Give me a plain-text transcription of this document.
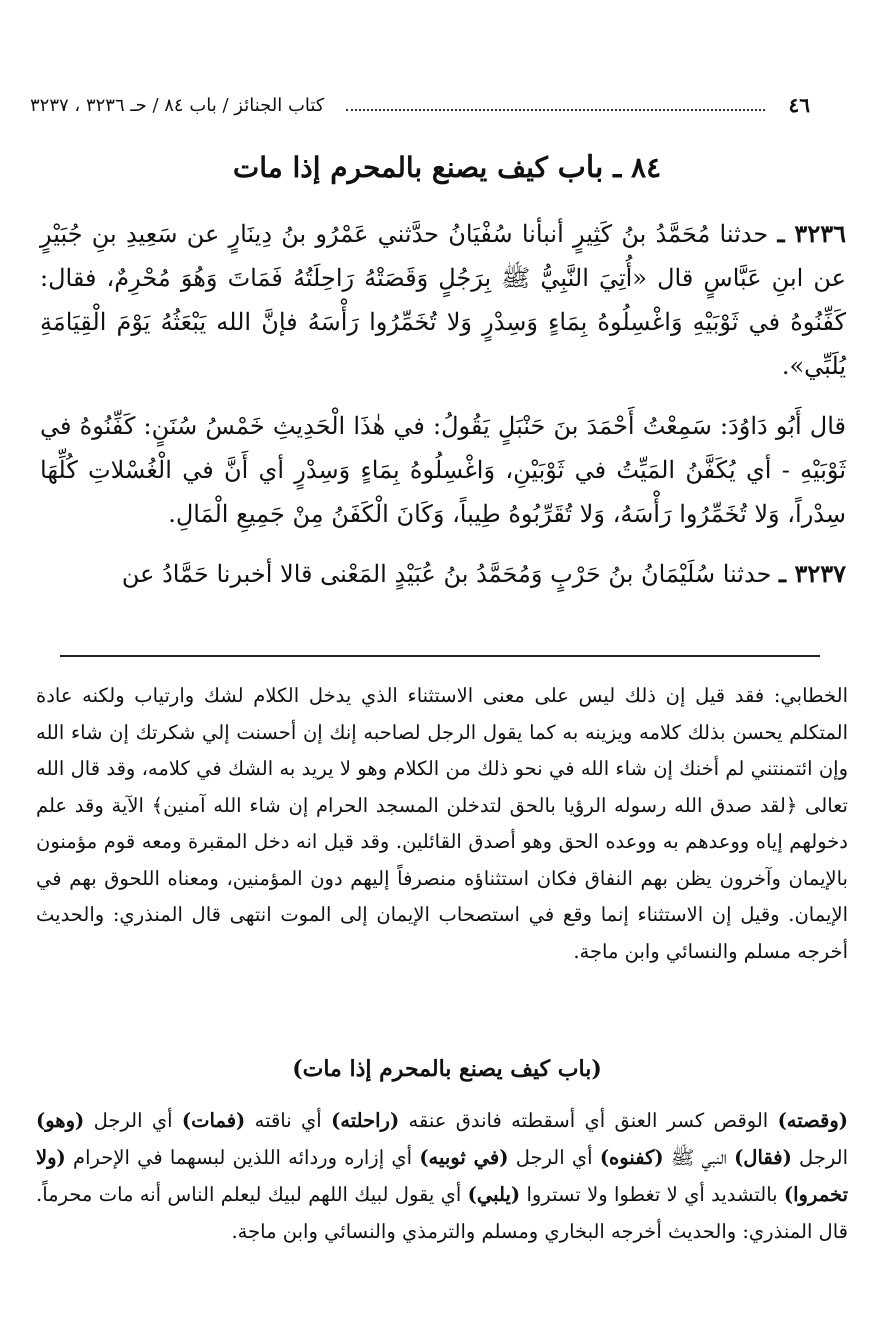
٤٦
كتاب الجنائز / باب ٨٤ / حـ ٣٢٣٦ ، ٣٢٣٧
٨٤ ـ باب كيف يصنع بالمحرم إذا مات

٣٢٣٦ ـ حدثنا مُحَمَّدُ بنُ كَثِيرٍ أنبأنا سُفْيَانُ حدَّثني عَمْرُو بنُ دِينَارٍ عن سَعِيدِ بنِ جُبَيْرٍ عن ابنِ عَبَّاسٍ قال «أُتِيَ النَّبِيُّ ﷺ بِرَجُلٍ وَقَصَتْهُ رَاحِلَتُهُ فَمَاتَ وَهُوَ مُحْرِمٌ، فقال: كَفِّنُوهُ في ثَوْبَيْهِ وَاغْسِلُوهُ بِمَاءٍ وَسِدْرٍ وَلا تُخَمِّرُوا رَأْسَهُ فإنَّ الله يَبْعَثُهُ يَوْمَ الْقِيَامَةِ يُلَبِّي».

قال أَبُو دَاوُدَ: سَمِعْتُ أَحْمَدَ بنَ حَنْبَلٍ يَقُولُ: في هٰذَا الْحَدِيثِ خَمْسُ سُنَنٍ: كَفِّنُوهُ في ثَوْبَيْهِ - أي يُكَفَّنُ المَيِّتُ في ثَوْبَيْنِ، وَاغْسِلُوهُ بِمَاءٍ وَسِدْرٍ أي أَنَّ في الْغُسْلاتِ كُلِّهَا سِدْراً، وَلا تُخَمِّرُوا رَأْسَهُ، وَلا تُقَرِّبُوهُ طِيباً، وَكَانَ الْكَفَنُ مِنْ جَمِيعِ الْمَالِ.

٣٢٣٧ ـ حدثنا سُلَيْمَانُ بنُ حَرْبٍ وَمُحَمَّدُ بنُ عُبَيْدٍ المَعْنى قالا أخبرنا حَمَّادُ عن

الخطابي: فقد قيل إن ذلك ليس على معنى الاستثناء الذي يدخل الكلام لشك وارتياب ولكنه عادة المتكلم يحسن بذلك كلامه ويزينه به كما يقول الرجل لصاحبه إنك إن أحسنت إلي شكرتك إن شاء الله وإن ائتمنتني لم أخنك إن شاء الله في نحو ذلك من الكلام وهو لا يريد به الشك في كلامه، وقد قال الله تعالى ﴿لقد صدق الله رسوله الرؤيا بالحق لتدخلن المسجد الحرام إن شاء الله آمنين﴾ الآية وقد علم دخولهم إياه ووعدهم به ووعده الحق وهو أصدق القائلين. وقد قيل انه دخل المقبرة ومعه قوم مؤمنون بالإيمان وآخرون يظن بهم النفاق فكان استثناؤه منصرفاً إليهم دون المؤمنين، ومعناه اللحوق بهم في الإيمان. وقيل إن الاستثناء إنما وقع في استصحاب الإيمان إلى الموت انتهى قال المنذري: والحديث أخرجه مسلم والنسائي وابن ماجة.

(باب كيف يصنع بالمحرم إذا مات)

(وقصته) الوقص كسر العنق أي أسقطته فاندق عنقه (راحلته) أي ناقته (فمات) أي الرجل (وهو) الرجل (فقال) النبي ﷺ (كفنوه) أي الرجل (في ثوبيه) أي إزاره وردائه اللذين لبسهما في الإحرام (ولا تخمروا) بالتشديد أي لا تغطوا ولا تستروا (يلبي) أي يقول لبيك اللهم لبيك ليعلم الناس أنه مات محرماً. قال المنذري: والحديث أخرجه البخاري ومسلم والترمذي والنسائي وابن ماجة.
